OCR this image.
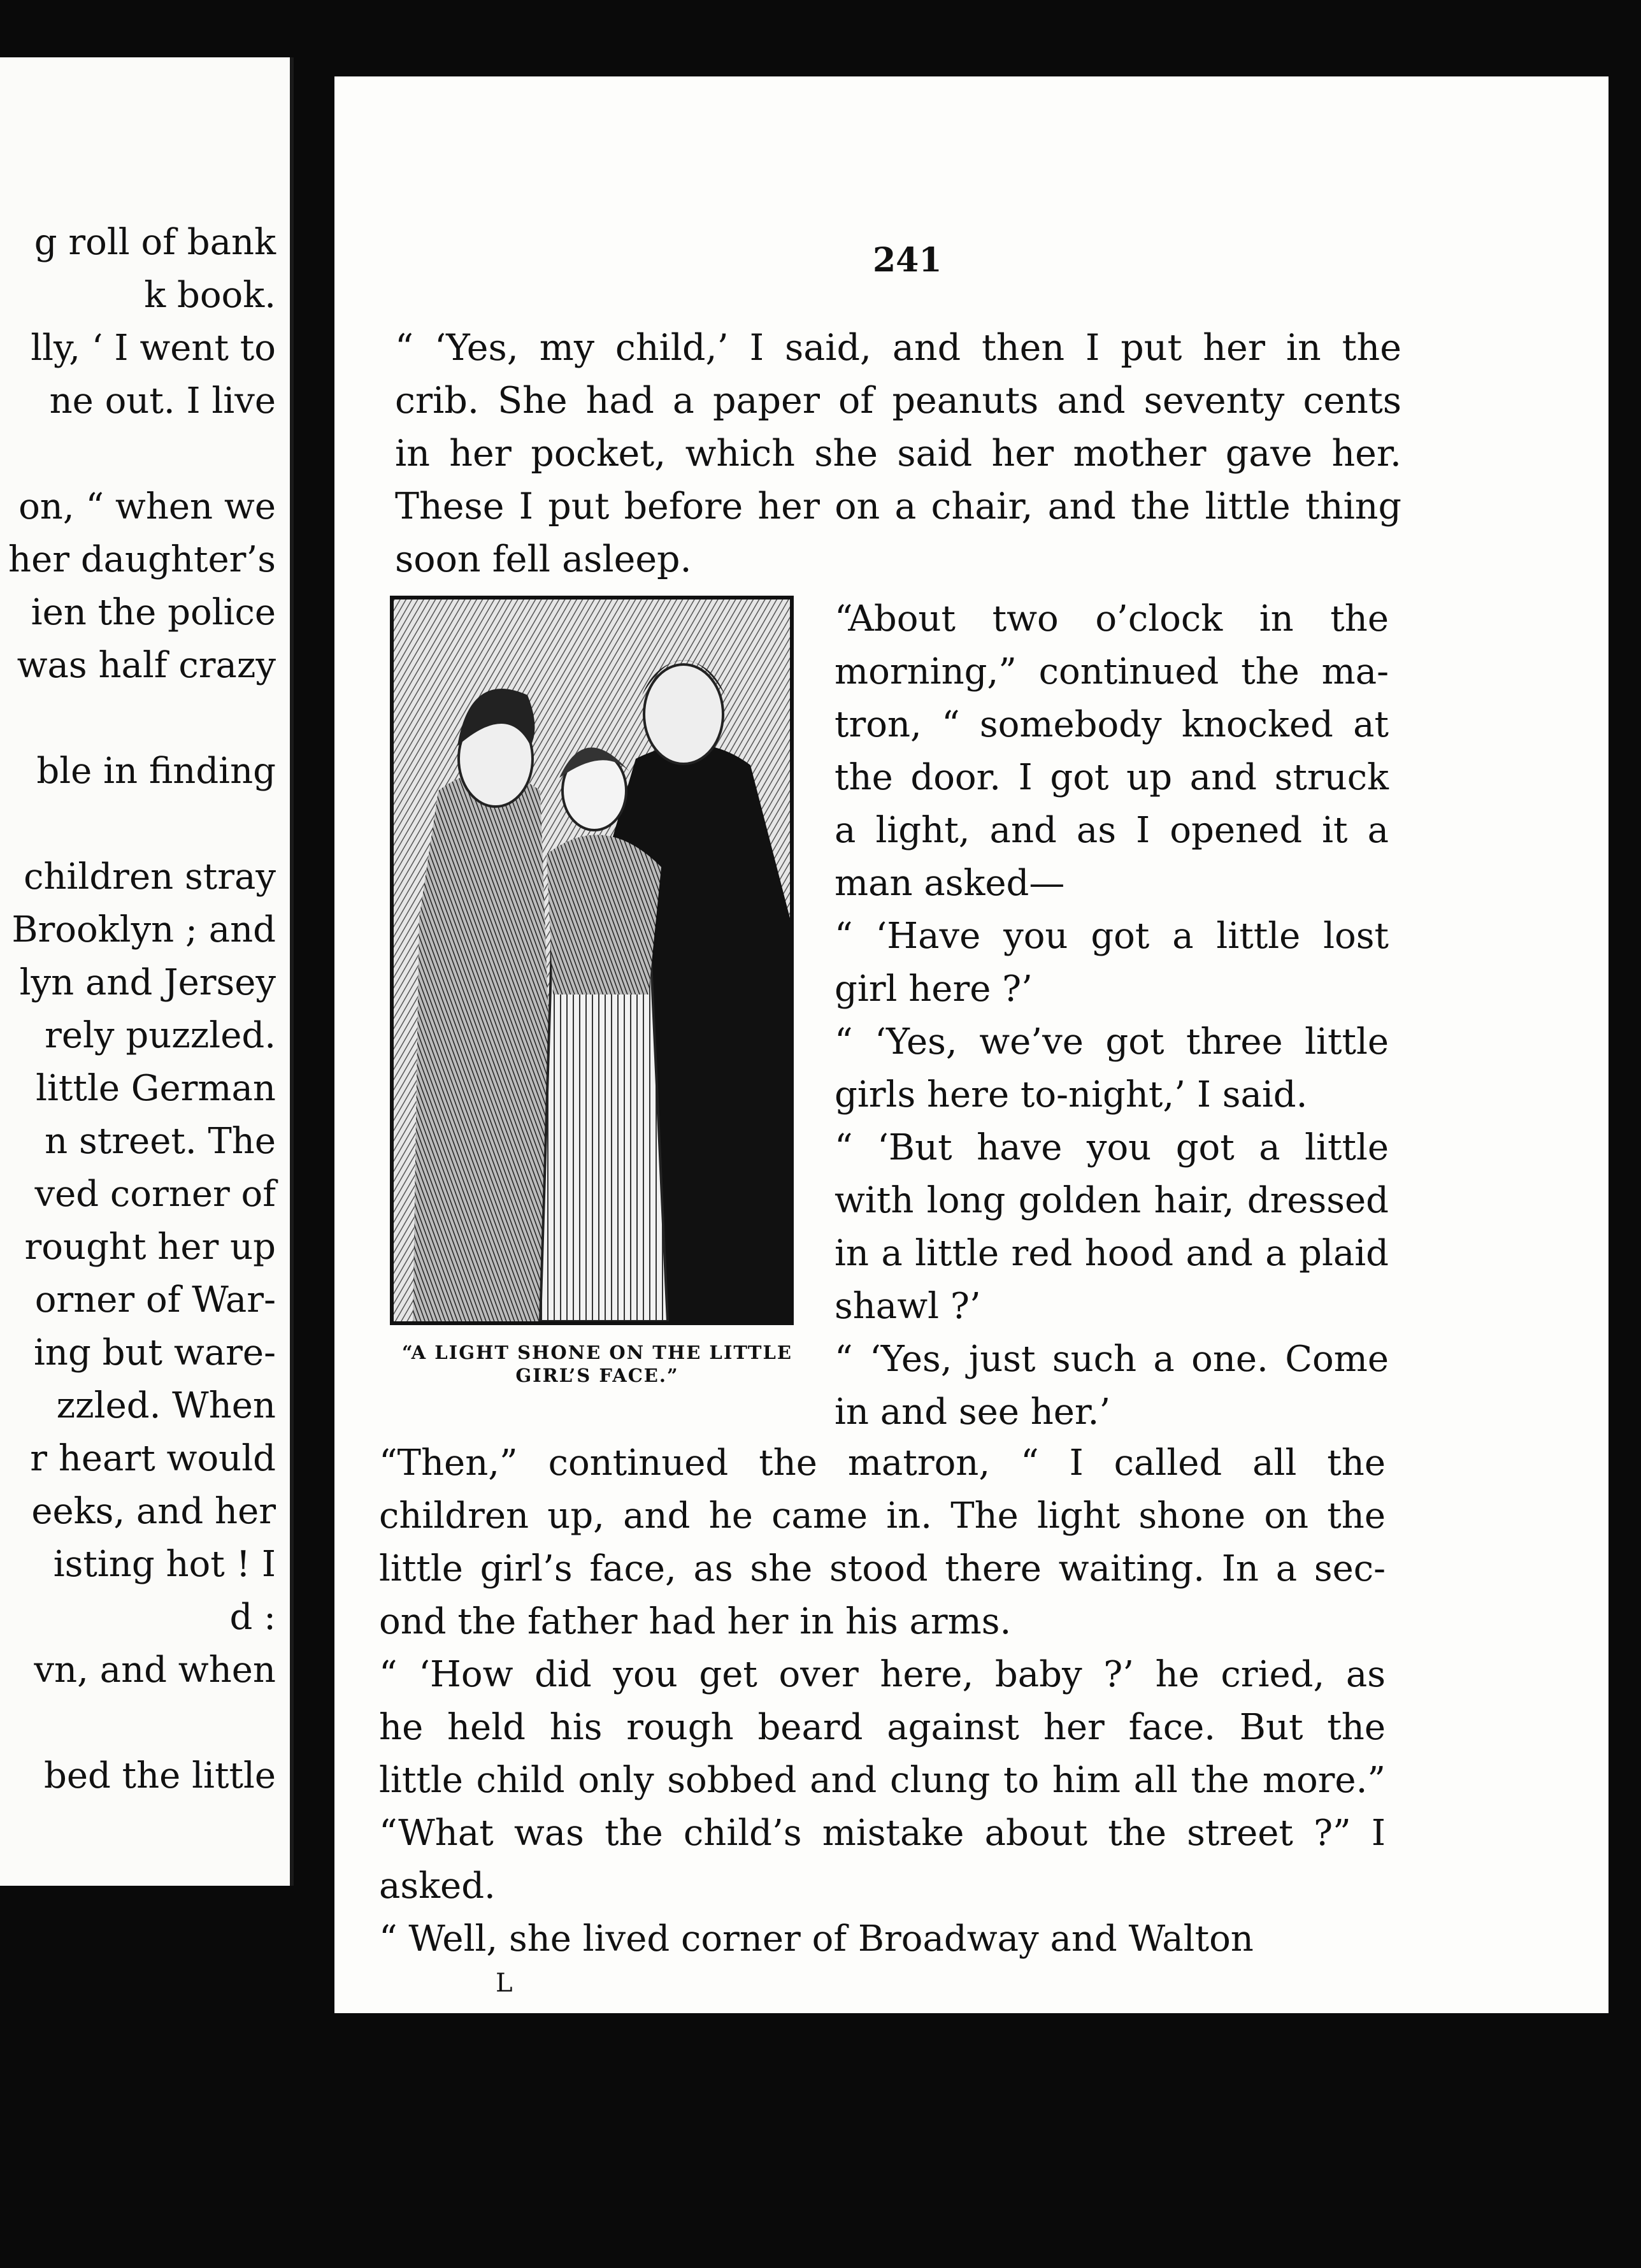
g roll of bank
k book.
lly, ‘ I went to
ne out. I live
on, “ when we
her daughter’s
ien the police
was half crazy
ble in finding
children stray
Brooklyn ; and
lyn and Jersey
rely puzzled.
little German
n street. The
ved corner of
rought her up
orner of War-
ing but ware-
zzled. When
r heart would
eeks, and her
isting hot ! I
d :
vn, and when
bed the little
241
“ ‘Yes, my child,’ I said, and then I put her in the
crib. She had a paper of peanuts and seventy cents
in her pocket, which she said her mother gave her.
These I put before her on a chair, and the little thing
soon fell asleep.
“A LIGHT SHONE ON THE LITTLE
GIRL’S FACE.”
“About two o’clock in the
morning,” continued the ma-
tron, “ somebody knocked at
the door. I got up and struck
a light, and as I opened it a
man asked—
“ ‘Have you got a little lost
girl here ?’
“ ‘Yes, we’ve got three little
girls here to-night,’ I said.
“ ‘But have you got a little
with long golden hair, dressed
in a little red hood and a plaid
shawl ?’
“ ‘Yes, just such a one. Come
in and see her.’
“Then,” continued the matron, “ I called all the
children up, and he came in. The light shone on the
little girl’s face, as she stood there waiting. In a sec-
ond the father had her in his arms.
“ ‘How did you get over here, baby ?’ he cried, as
he held his rough beard against her face. But the
little child only sobbed and clung to him all the more.”
“What was the child’s mistake about the street ?” I
asked.
“ Well, she lived corner of Broadway and Walton
L
